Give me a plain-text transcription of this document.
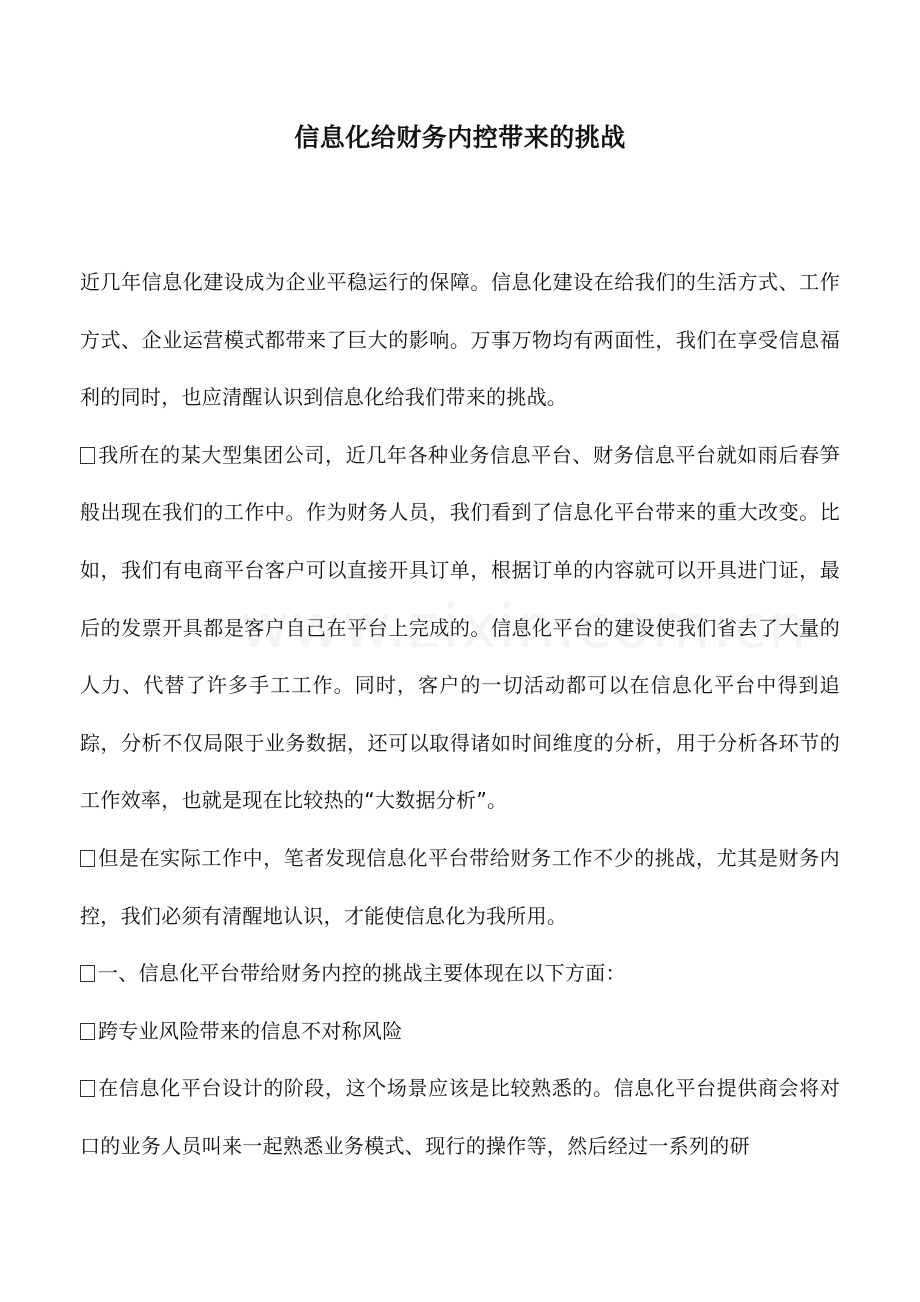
信息化给财务内控带来的挑战

近几年信息化建设成为企业平稳运行的保障。信息化建设在给我们的生活方式、工作方式、企业运营模式都带来了巨大的影响。万事万物均有两面性，我们在享受信息福利的同时，也应清醒认识到信息化给我们带来的挑战。

我所在的某大型集团公司，近几年各种业务信息平台、财务信息平台就如雨后春笋般出现在我们的工作中。作为财务人员，我们看到了信息化平台带来的重大改变。比如，我们有电商平台客户可以直接开具订单，根据订单的内容就可以开具进门证，最后的发票开具都是客户自己在平台上完成的。信息化平台的建设使我们省去了大量的人力、代替了许多手工工作。同时，客户的一切活动都可以在信息化平台中得到追踪，分析不仅局限于业务数据，还可以取得诸如时间维度的分析，用于分析各环节的工作效率，也就是现在比较热的“大数据分析”。

但是在实际工作中，笔者发现信息化平台带给财务工作不少的挑战，尤其是财务内控，我们必须有清醒地认识，才能使信息化为我所用。

一、信息化平台带给财务内控的挑战主要体现在以下方面：

跨专业风险带来的信息不对称风险

在信息化平台设计的阶段，这个场景应该是比较熟悉的。信息化平台提供商会将对口的业务人员叫来一起熟悉业务模式、现行的操作等，然后经过一系列的研
